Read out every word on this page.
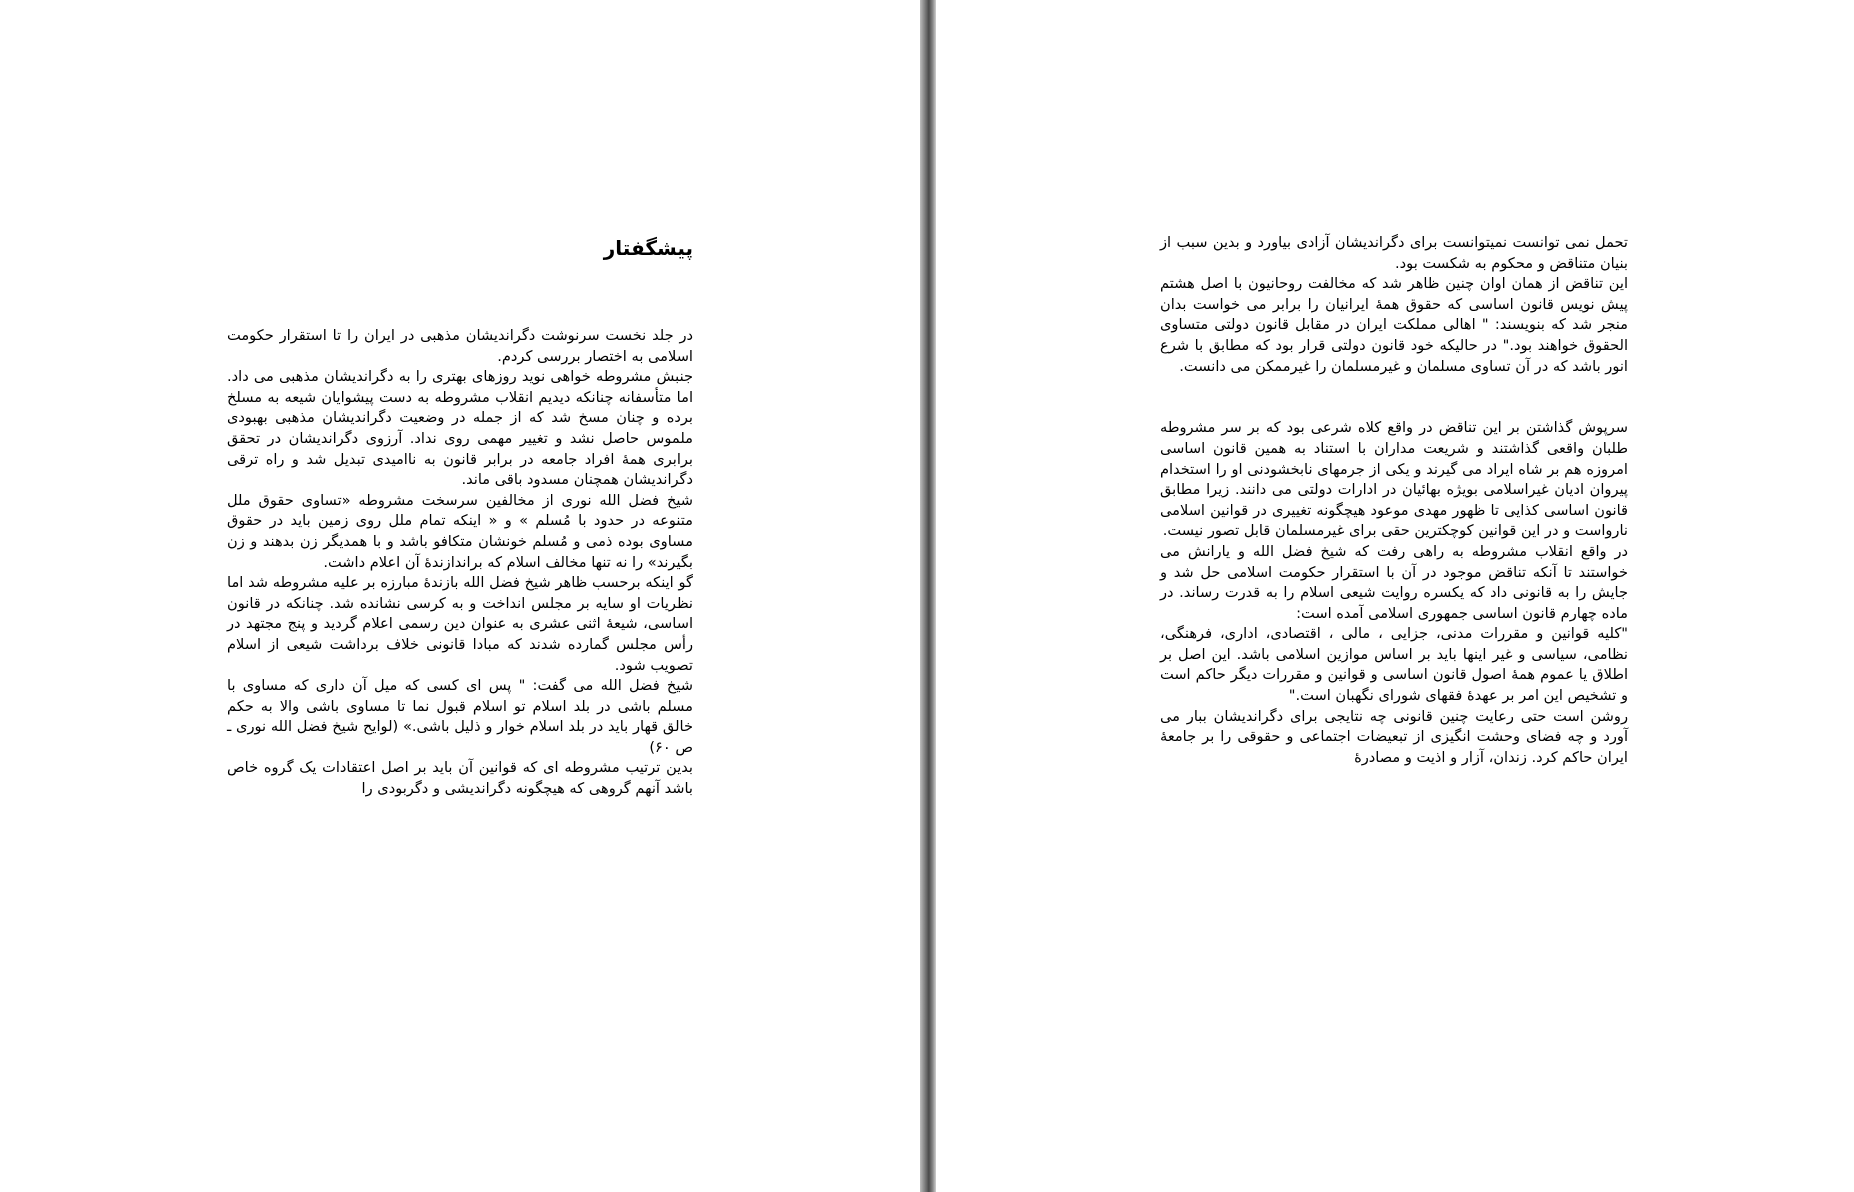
پیشگفتار

در جلد نخست سرنوشت دگراندیشان مذهبی در ایران را تا استقرار حکومت اسلامی به اختصار بررسی کردم.

جنبش مشروطه خواهی نوید روزهای بهتری را به دگراندیشان مذهبی می داد. اما متأسفانه چنانکه دیدیم انقلاب مشروطه به دست پیشوایان شیعه به مسلخ برده و چنان مسخ شد که از جمله در وضعیت دگراندیشان مذهبی بهبودی ملموس حاصل نشد و تغییر مهمی روی نداد. آرزوی دگراندیشان در تحقق برابری همهٔ افراد جامعه در برابر قانون به ناامیدی تبدیل شد و راه ترقی دگراندیشان همچنان مسدود باقی ماند.

شیخ فضل الله نوری از مخالفین سرسخت مشروطه «تساوی حقوق ملل متنوعه در حدود با مُسلم » و « اینکه تمام ملل روی زمین باید در حقوق مساوی بوده ذمی و مُسلم خونشان متکافو باشد و با همدیگر زن بدهند و زن بگیرند» را نه تنها مخالف اسلام که براندازندهٔ آن اعلام داشت.

گو اینکه برحسب ظاهر شیخ فضل الله بازندهٔ مبارزه بر علیه مشروطه شد اما نظریات او سایه بر مجلس انداخت و به کرسی نشانده شد. چنانکه در قانون اساسی، شیعهٔ اثنی عشری به عنوان دین رسمی اعلام گردید و پنج مجتهد در رأس مجلس گمارده شدند که مبادا قانونی خلاف برداشت شیعی از اسلام تصویب شود.

شیخ فضل الله می گفت: " پس ای کسی که میل آن داری که مساوی با مسلم باشی در بلد اسلام تو اسلام قبول نما تا مساوی باشی والا به حکم خالق قهار باید در بلد اسلام خوار و ذلیل باشی.» (لوایح شیخ فضل الله نوری ـ ص ۶۰)

بدین ترتیب مشروطه ای که قوانین آن باید بر اصل اعتقادات یک گروه خاص باشد آنهم گروهی که هیچگونه دگراندیشی و دگربودی را

تحمل نمی توانست نمیتوانست برای دگراندیشان آزادی بیاورد و بدین سبب از بنیان متناقض و محکوم به شکست بود.

این تناقض از همان اوان چنین ظاهر شد که مخالفت روحانیون با اصل هشتم پیش نویس قانون اساسی که حقوق همهٔ ایرانیان را برابر می خواست بدان منجر شد که بنویسند: " اهالی مملکت ایران در مقابل قانون دولتی متساوی الحقوق خواهند بود." در حالیکه خود قانون دولتی قرار بود که مطابق با شرع انور باشد که در آن تساوی مسلمان و غیرمسلمان را غیرممکن می دانست.

سرپوش گذاشتن بر این تناقض در واقع کلاه شرعی بود که بر سر مشروطه طلبان واقعی گذاشتند و شریعت مداران با استناد به همین قانون اساسی امروزه هم بر شاه ایراد می گیرند و یکی از جرمهای نابخشودنی او را استخدام پیروان ادیان غیراسلامی بویژه بهائیان در ادارات دولتی می دانند. زیرا مطابق قانون اساسی کذایی تا ظهور مهدی موعود هیچگونه تغییری در قوانین اسلامی نارواست و در این قوانین کوچکترین حقی برای غیرمسلمان قابل تصور نیست.

در واقع انقلاب مشروطه به راهی رفت که شیخ فضل الله و یارانش می خواستند تا آنکه تناقض موجود در آن با استقرار حکومت اسلامی حل شد و جایش را به قانونی داد که یکسره روایت شیعی اسلام را به قدرت رساند. در ماده چهارم قانون اساسی جمهوری اسلامی آمده است:

"کلیه قوانین و مقررات مدنی، جزایی ، مالی ، اقتصادی، اداری، فرهنگی، نظامی، سیاسی و غیر اینها باید بر اساس موازین اسلامی باشد. این اصل بر اطلاق یا عموم همهٔ اصول قانون اساسی و قوانین و مقررات دیگر حاکم است و تشخیص این امر بر عهدهٔ فقهای شورای نگهبان است."

روشن است حتی رعایت چنین قانونی چه نتایجی برای دگراندیشان ببار می آورد و چه فضای وحشت انگیزی از تبعیضات اجتماعی و حقوقی را بر جامعهٔ ایران حاکم کرد. زندان، آزار و اذیت و مصادرهٔ
